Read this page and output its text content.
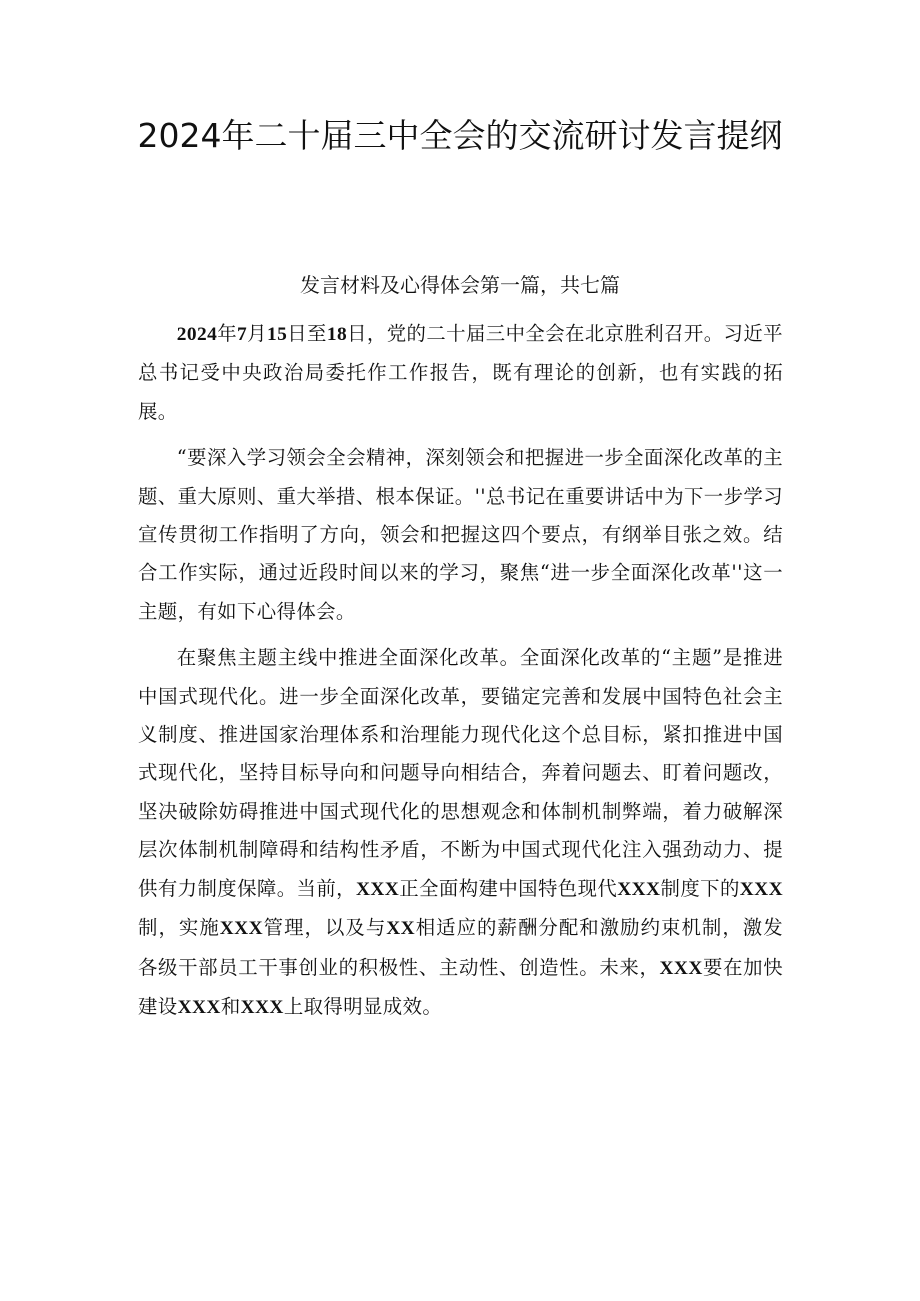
2024年二十届三中全会的交流研讨发言提纲
发言材料及心得体会第一篇，共七篇

2024年7月15日至18日，党的二十届三中全会在北京胜利召开。习近平总书记受中央政治局委托作工作报告，既有理论的创新，也有实践的拓展。

“要深入学习领会全会精神，深刻领会和把握进一步全面深化改革的主题、重大原则、重大举措、根本保证。''总书记在重要讲话中为下一步学习宣传贯彻工作指明了方向，领会和把握这四个要点，有纲举目张之效。结合工作实际，通过近段时间以来的学习，聚焦“进一步全面深化改革''这一主题，有如下心得体会。

在聚焦主题主线中推进全面深化改革。全面深化改革的“主题”是推进中国式现代化。进一步全面深化改革，要锚定完善和发展中国特色社会主义制度、推进国家治理体系和治理能力现代化这个总目标，紧扣推进中国式现代化，坚持目标导向和问题导向相结合，奔着问题去、盯着问题改，坚决破除妨碍推进中国式现代化的思想观念和体制机制弊端，着力破解深层次体制机制障碍和结构性矛盾，不断为中国式现代化注入强劲动力、提供有力制度保障。当前，XXX正全面构建中国特色现代XXX制度下的XXX制，实施XXX管理，以及与XX相适应的薪酬分配和激励约束机制，激发各级干部员工干事创业的积极性、主动性、创造性。未来，XXX要在加快建设XXX和XXX上取得明显成效。
